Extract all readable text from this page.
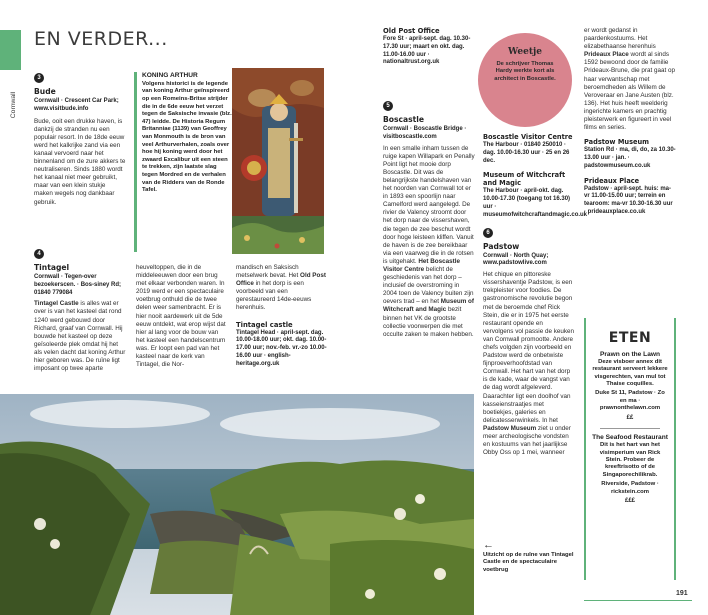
Cornwall
EN VERDER...
3
Bude
Cornwall · Crescent Car Park; www.visitbude.info
Bude, ooit een drukke haven, is dankzij de stranden nu een populair resort. In de 18de eeuw werd het kalkrijke zand via een kanaal vervoerd naar het binnenland om de zure akkers te neutraliseren. Sinds 1880 wordt het kanaal niet meer gebruikt, maar van een klein stukje maken wegels nog dankbaar gebruik.
4
Tintagel
Cornwall · Tegen-over bezoekerscen. · Bos-siney Rd; 01840 779084
Tintagel Castle is alles wat er over is van het kasteel dat rond 1240 werd gebouwd door Richard, graaf van Cornwall. Hij bouwde het kasteel op deze geïsoleerde plek omdat hij het als velen dacht dat koning Arthur hier geboren was. De ruïne ligt imposant op twee aparte
KONING ARTHUR
Volgens historici is de legende van koning Arthur geïnspireerd op een Romeins-Britse strijder die in de 6de eeuw het verzet tegen de Saksische invasie (blz. 47) leidde. De Historia Regum Britanniae (1139) van Geoffrey van Monmouth is de bron van veel Arthurverhalen, zoals over hoe hij koning werd door het zwaard Excalibur uit een steen te trekken, zijn laatste slag tegen Mordred en de verhalen van de Ridders van de Ronde Tafel.
heuveltoppen, die in de middeleeuwen door een brug met elkaar verbonden waren. In 2019 werd er een spectaculaire voetbrug onthuld die de twee delen weer samenbracht. Er is hier nooit aardewerk uit de 5de eeuw ontdekt, wat erop wijst dat hier al lang voor de bouw van het kasteel een handelscentrum was. Er loopt een pad van het kasteel naar de kerk van Tintagel, die Nor-
mandisch en Saksisch metselwerk bevat. Het Old Post Office in het dorp is een voorbeeld van een gerestaureerd 14de-eeuws herenhuis.
Tintagel castle
Tintagel Head · april-sept. dag. 10.00-18.00 uur; okt. dag. 10.00-17.00 uur; nov.-feb. vr.-zo 10.00-16.00 uur · english-heritage.org.uk
Old Post Office
Fore St · april-sept. dag. 10.30-17.30 uur; maart en okt. dag. 11.00-16.00 uur · nationaltrust.org.uk
5
Boscastle
Cornwall · Boscastle Bridge · visitboscastle.com
In een smalle inham tussen de ruige kapen Willapark en Penally Point ligt het mooie dorp Boscastle. Dit was de belangrijkste handelshaven van het noorden van Cornwall tot er in 1893 een spoorlijn naar Camelford werd aangelegd. De rivier de Valency stroomt door het dorp naar de vissershaven, die tegen de zee beschut wordt door hoge leisteen kliffen. Vanuit de haven is de zee bereikbaar via een vaarweg die in de rotsen is uitgehakt. Het Boscastle Visitor Centre belicht de geschiedenis van het dorp – inclusief de overstroming in 2004 toen de Valency buiten zijn oevers trad – en het Museum of Witchcraft and Magic bezit binnen het VK de grootste collectie voorwerpen die met occulte zaken te maken hebben.
Weetje
De schrijver Thomas Hardy werkte kort als architect in Boscastle.
Boscastle Visitor Centre
The Harbour · 01840 250010 · dag. 10.00-16.30 uur · 25 en 26 dec.
Museum of Witchcraft and Magic
The Harbour · april-okt. dag. 10.00-17.30 (toegang tot 16.30) uur · museumofwitchcraftandmagic.co.uk
6
Padstow
Cornwall · North Quay; www.padstowlive.com
Het chique en pittoreske vissershaventje Padstow, is een trekpleister voor foodies. De gastronomische revolutie begon met de beroemde chef Rick Stein, die er in 1975 het eerste restaurant opende en vervolgens vol passie de keuken van Cornwall promootte. Andere chefs volgden zijn voorbeeld en Padstow werd de onbetwiste fijnproeverhoofdstad van Cornwall. Het hart van het dorp is de kade, waar de vangst van de dag wordt afgeleverd. Daarachter ligt een doolhof van kasseienstraatjes met boetiekjes, galeries en delicatessenwinkels. In het Padstow Museum ziet u onder meer archeologische vondsten en kostuums van het jaarlijkse Obby Oss op 1 mei, wanneer
er wordt gedanst in paardenkostuums. Het elizabethaanse herenhuis Prideaux Place wordt al sinds 1592 bewoond door de familie Prideaux-Brune, die prat gaat op haar verwantschap met beroemdheden als Willem de Veroveraar en Jane Austen (blz. 136). Het huis heeft weelderig ingerichte kamers en prachtig pleisterwerk en figureert in veel films en series.
Padstow Museum
Station Rd · ma, di, do, za 10.30-13.00 uur · jan. · padstowmuseum.co.uk
Prideaux Place
Padstow · april-sept. huis: ma-vr 11.00-15.00 uur; terrein en tearoom: ma-vr 10.30-16.30 uur · prideauxplace.co.uk
ETEN
Prawn on the Lawn
Deze visboer annex dit restaurant serveert lekkere visgerechten, van mul tot Thaise coquilles.
Duke St 11, Padstow · Zo en ma · prawnonthelawn.com
££
The Seafood Restaurant
Dit is het hart van het visimperium van Rick Stein. Probeer de kreeftrisotto of de Singaporechilikrab.
Riverside, Padstow · rickstein.com
£££
←
Uitzicht op de ruïne van Tintagel Castle en de spectaculaire voetbrug
191
